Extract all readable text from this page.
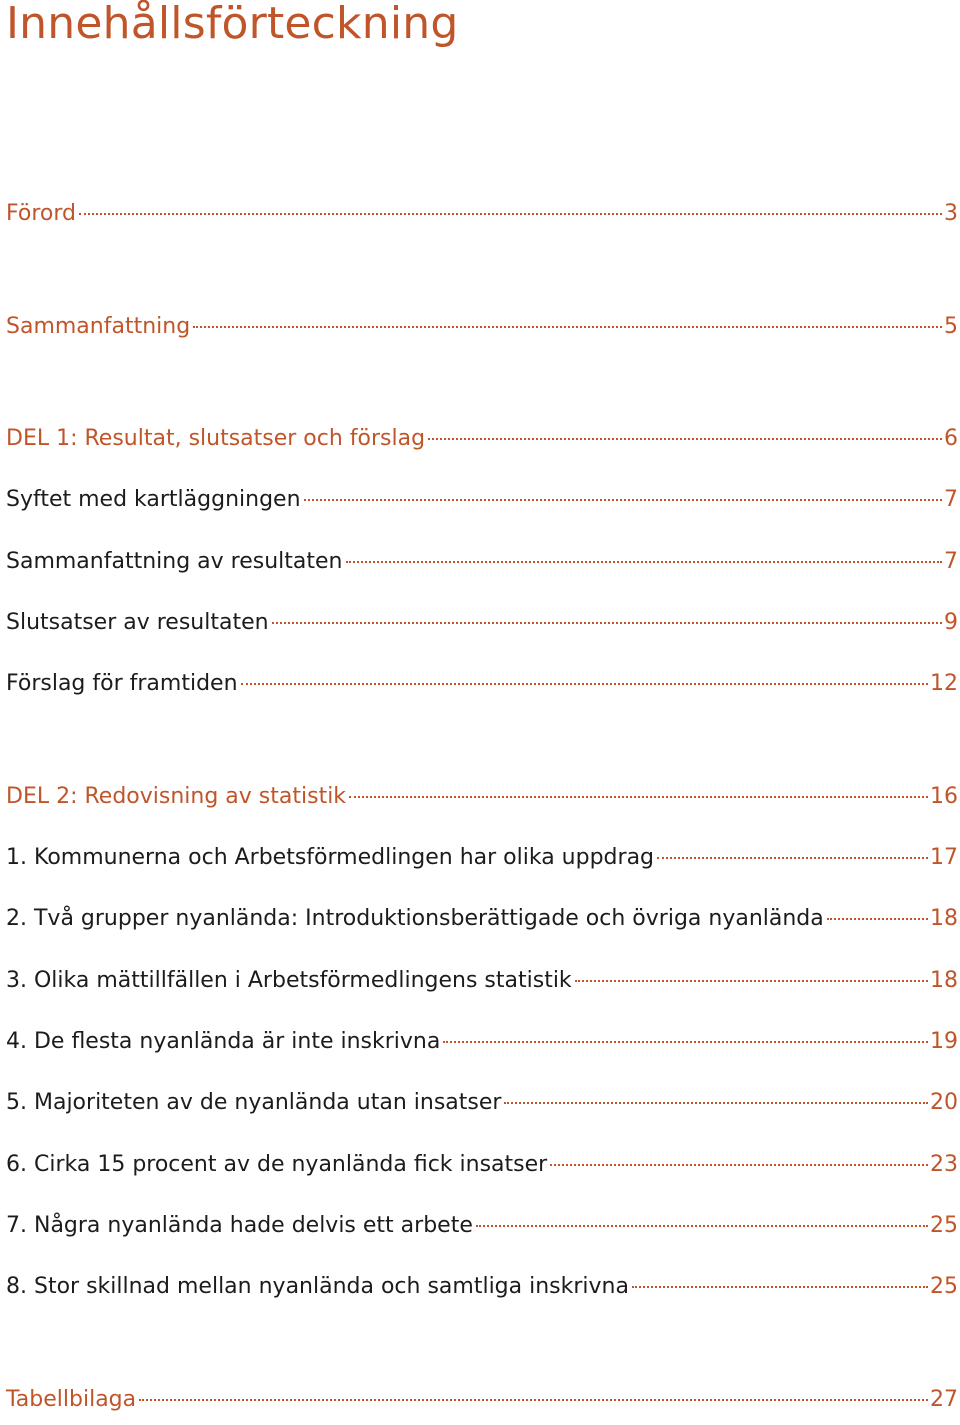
Innehållsförteckning
Förord	3
Sammanfattning	5
DEL 1: Resultat, slutsatser och förslag	6
Syftet med kartläggningen	7
Sammanfattning av resultaten	7
Slutsatser av resultaten	9
Förslag för framtiden	12
DEL 2: Redovisning av statistik	16
1. Kommunerna och Arbetsförmedlingen har olika uppdrag	17
2. Två grupper nyanlända: Introduktionsberättigade och övriga nyanlända	18
3. Olika mättillfällen i Arbetsförmedlingens statistik	18
4. De flesta nyanlända är inte inskrivna	19
5. Majoriteten av de nyanlända utan insatser	20
6. Cirka 15 procent av de nyanlända fick insatser	23
7. Några nyanlända hade delvis ett arbete	25
8. Stor skillnad mellan nyanlända och samtliga inskrivna	25
Tabellbilaga	27
